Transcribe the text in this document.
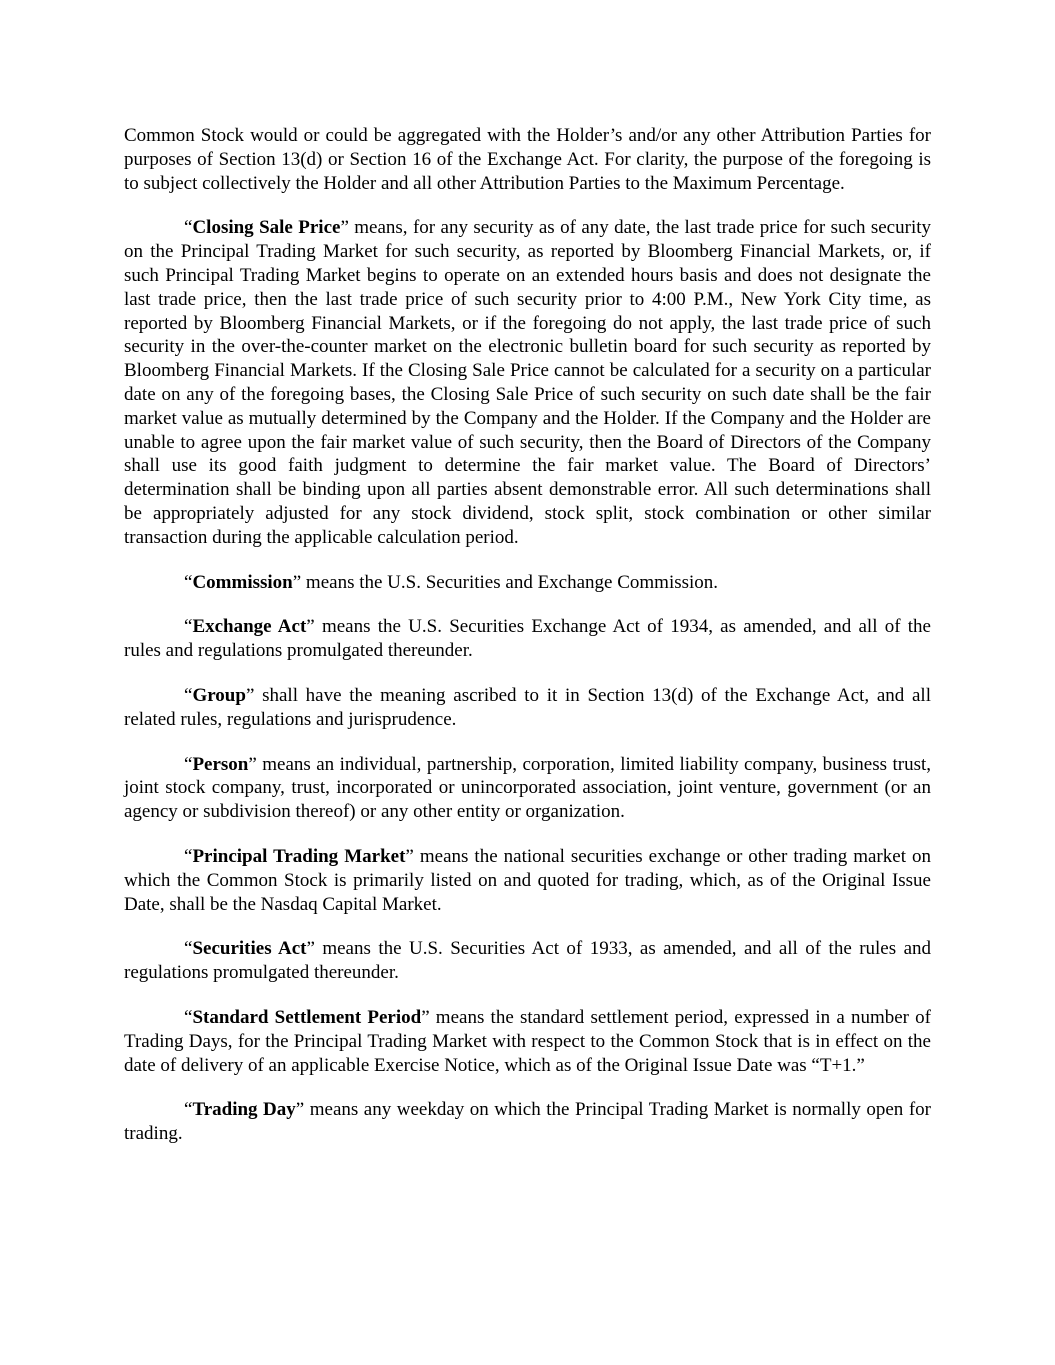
Common Stock would or could be aggregated with the Holder’s and/or any other Attribution Parties for purposes of Section 13(d) or Section 16 of the Exchange Act. For clarity, the purpose of the foregoing is to subject collectively the Holder and all other Attribution Parties to the Maximum Percentage.

“Closing Sale Price” means, for any security as of any date, the last trade price for such security on the Principal Trading Market for such security, as reported by Bloomberg Financial Markets, or, if such Principal Trading Market begins to operate on an extended hours basis and does not designate the last trade price, then the last trade price of such security prior to 4:00 P.M., New York City time, as reported by Bloomberg Financial Markets, or if the foregoing do not apply, the last trade price of such security in the over-the-counter market on the electronic bulletin board for such security as reported by Bloomberg Financial Markets. If the Closing Sale Price cannot be calculated for a security on a particular date on any of the foregoing bases, the Closing Sale Price of such security on such date shall be the fair market value as mutually determined by the Company and the Holder. If the Company and the Holder are unable to agree upon the fair market value of such security, then the Board of Directors of the Company shall use its good faith judgment to determine the fair market value. The Board of Directors’ determination shall be binding upon all parties absent demonstrable error. All such determinations shall be appropriately adjusted for any stock dividend, stock split, stock combination or other similar transaction during the applicable calculation period.

“Commission” means the U.S. Securities and Exchange Commission.

“Exchange Act” means the U.S. Securities Exchange Act of 1934, as amended, and all of the rules and regulations promulgated thereunder.

“Group” shall have the meaning ascribed to it in Section 13(d) of the Exchange Act, and all related rules, regulations and jurisprudence.

“Person” means an individual, partnership, corporation, limited liability company, business trust, joint stock company, trust, incorporated or unincorporated association, joint venture, government (or an agency or subdivision thereof) or any other entity or organization.

“Principal Trading Market” means the national securities exchange or other trading market on which the Common Stock is primarily listed on and quoted for trading, which, as of the Original Issue Date, shall be the Nasdaq Capital Market.

“Securities Act” means the U.S. Securities Act of 1933, as amended, and all of the rules and regulations promulgated thereunder.

“Standard Settlement Period” means the standard settlement period, expressed in a number of Trading Days, for the Principal Trading Market with respect to the Common Stock that is in effect on the date of delivery of an applicable Exercise Notice, which as of the Original Issue Date was “T+1.”

“Trading Day” means any weekday on which the Principal Trading Market is normally open for trading.
